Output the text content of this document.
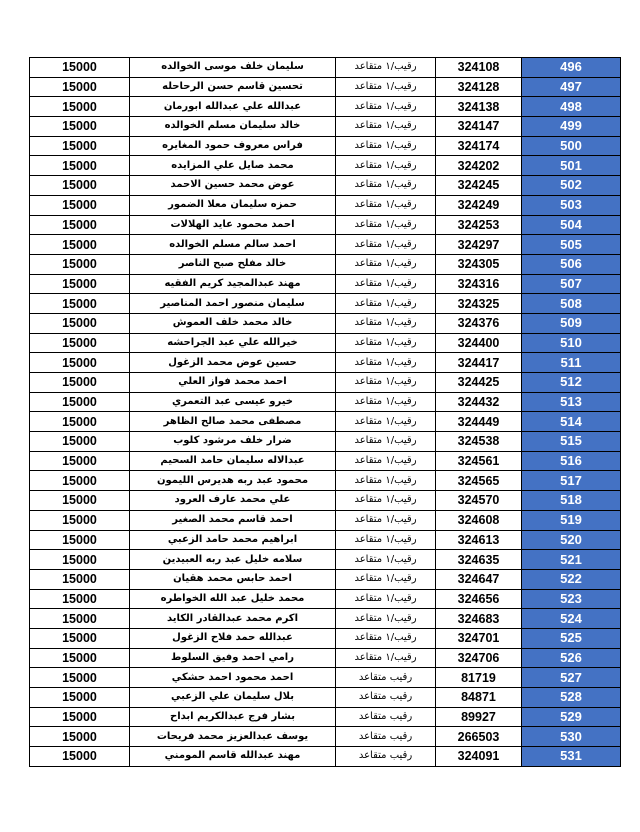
15000	سليمان خلف موسى الخوالده	رقيب/١ متقاعد	324108	496
15000	تحسين قاسم حسن الرحاحله	رقيب/١ متقاعد	324128	497
15000	عبدالله علي عبدالله ابورمان	رقيب/١ متقاعد	324138	498
15000	خالد سليمان مسلم الخوالده	رقيب/١ متقاعد	324147	499
15000	فراس معروف حمود المغايره	رقيب/١ متقاعد	324174	500
15000	محمد صايل علي المزايده	رقيب/١ متقاعد	324202	501
15000	عوض محمد حسين الاحمد	رقيب/١ متقاعد	324245	502
15000	حمزه سليمان معلا الضمور	رقيب/١ متقاعد	324249	503
15000	احمد محمود عايد الهلالات	رقيب/١ متقاعد	324253	504
15000	احمد سالم مسلم الخوالده	رقيب/١ متقاعد	324297	505
15000	خالد مفلح صبح الناصر	رقيب/١ متقاعد	324305	506
15000	مهند عبدالمجيد كريم الفقيه	رقيب/١ متقاعد	324316	507
15000	سليمان منصور احمد المناصير	رقيب/١ متقاعد	324325	508
15000	خالد محمد خلف العموش	رقيب/١ متقاعد	324376	509
15000	خيرالله علي عبد الجراحشه	رقيب/١ متقاعد	324400	510
15000	حسين عوض محمد الزغول	رقيب/١ متقاعد	324417	511
15000	احمد محمد فواز العلي	رقيب/١ متقاعد	324425	512
15000	خيرو عيسى عبد التعمري	رقيب/١ متقاعد	324432	513
15000	مصطفى محمد صالح الظاهر	رقيب/١ متقاعد	324449	514
15000	ضرار خلف مرشود كلوب	رقيب/١ متقاعد	324538	515
15000	عبدالاله سليمان حامد السحيم	رقيب/١ متقاعد	324561	516
15000	محمود عبد ربه هديرس الليمون	رقيب/١ متقاعد	324565	517
15000	علي محمد عارف العرود	رقيب/١ متقاعد	324570	518
15000	احمد قاسم محمد الصغير	رقيب/١ متقاعد	324608	519
15000	ابراهيم محمد حامد الزعبي	رقيب/١ متقاعد	324613	520
15000	سلامه خليل عبد ربه العبيدين	رقيب/١ متقاعد	324635	521
15000	احمد حابس محمد هقيان	رقيب/١ متقاعد	324647	522
15000	محمد خليل عبد الله الخواطره	رقيب/١ متقاعد	324656	523
15000	اكرم محمد عبدالقادر الكايد	رقيب/١ متقاعد	324683	524
15000	عبدالله حمد فلاح الزغول	رقيب/١ متقاعد	324701	525
15000	رامي احمد وفيق السلوط	رقيب/١ متقاعد	324706	526
15000	احمد محمود احمد حشكي	رقيب متقاعد	81719	527
15000	بلال سليمان علي الزعبي	رقيب متقاعد	84871	528
15000	بشار فرج عبدالكريم ابداح	رقيب متقاعد	89927	529
15000	يوسف عبدالعزيز محمد فريحات	رقيب متقاعد	266503	530
15000	مهند عبدالله قاسم المومني	رقيب متقاعد	324091	531
